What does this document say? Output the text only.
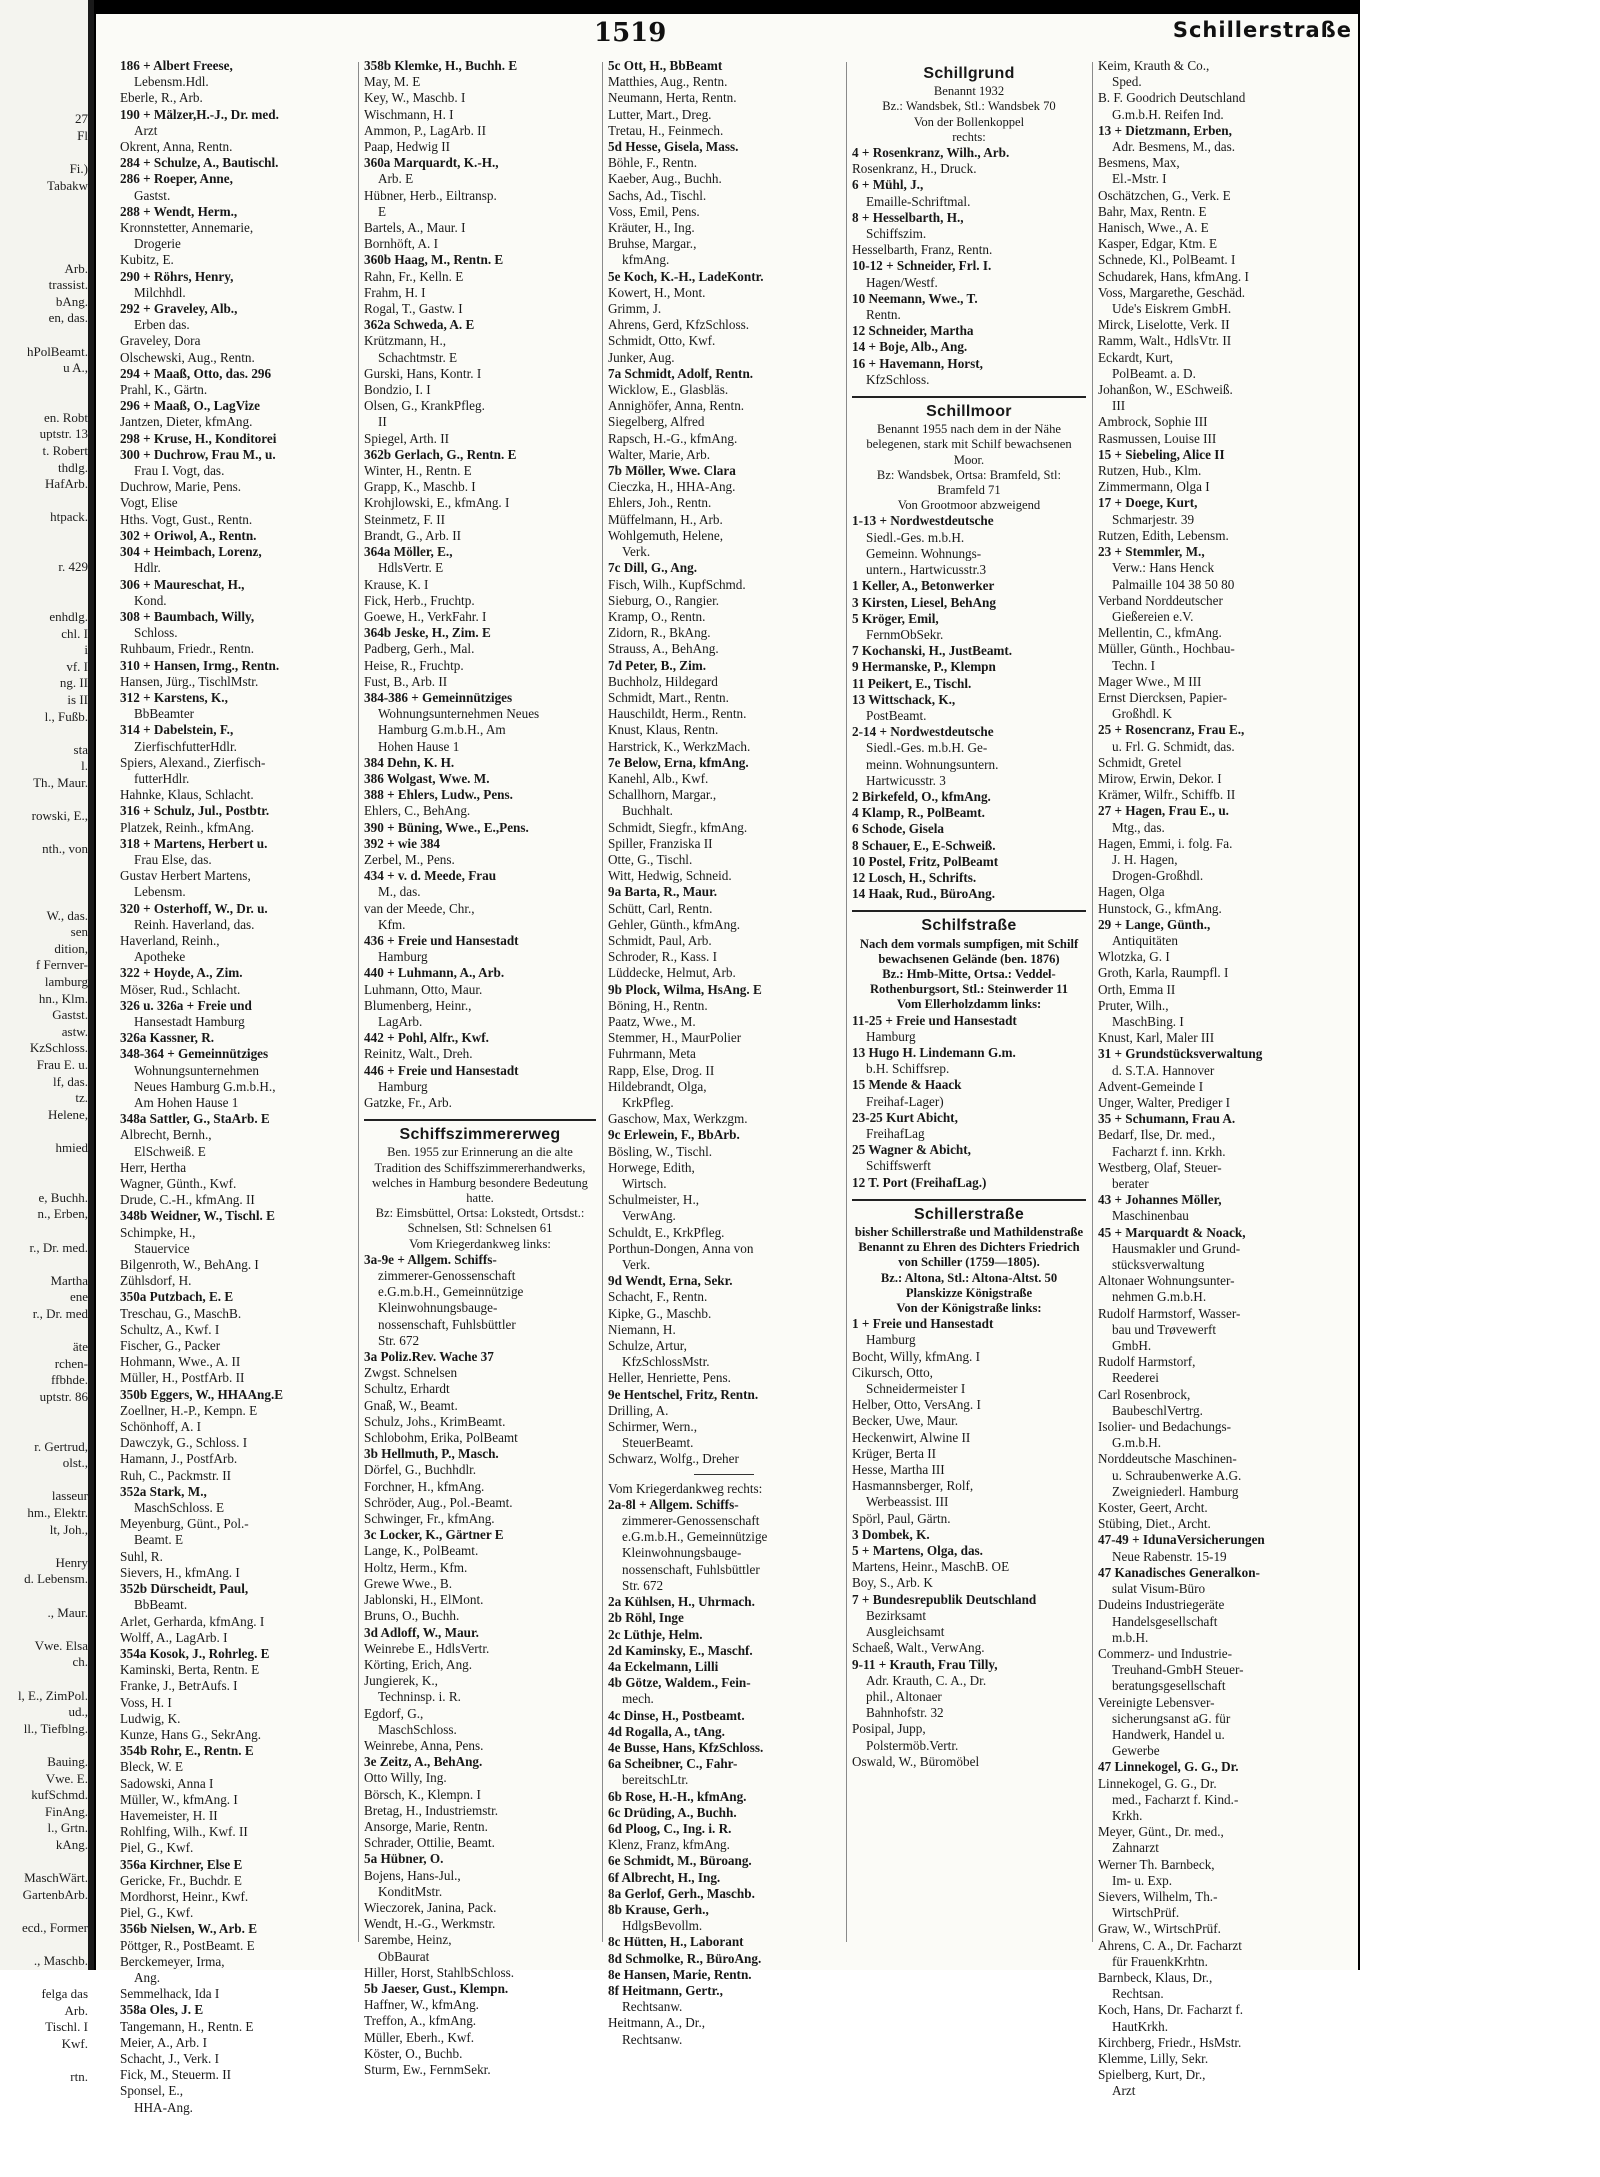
27
Fl
Fi.)
Tabakw
Arb.
trassist.
bAng.
en, das.
hPolBeamt.
u A.,
en. Robt
uptstr. 13
t. Robert
thdlg.
HafArb.
htpack.
r. 429
enhdlg.
chl. I
i
vf. I
ng. II
is II
l., Fußb.
sta
l.
Th., Maur.
rowski, E.,
nth., von
W., das.
sen
dition,
f Fernver-
lamburg
hn., Klm.
Gastst.
astw.
KzSchloss.
Frau E. u.
lf, das.
tz.
Helene,
hmied
e, Buchh.
n., Erben,
r., Dr. med.
Martha
ene
r., Dr. med
äte
rchen-
ffbhde.
uptstr. 86
r. Gertrud,
olst.,
lasseur
hm., Elektr.
lt, Joh.,
Henry
d. Lebensm.
., Maur.
Vwe. Elsa
ch.
l, E., ZimPol.
ud.,
ll., Tiefblng.
Bauing.
Vwe. E.
kufSchmd.
FinAng.
l., Grtn.
kAng.
MaschWärt.
GartenbArb.
ecd., Former
., Maschb.
felga das
Arb.
Tischl. I
Kwf.
rtn.
1519	Schillerstraße
186 + Albert Freese,
Lebensm.Hdl.
Eberle, R., Arb.
190 + Mälzer,H.-J., Dr. med.
Arzt
Okrent, Anna, Rentn.
284 + Schulze, A., Bautischl.
286 + Roeper, Anne,
Gastst.
288 + Wendt, Herm.,
Kronnstetter, Annemarie,
Drogerie
Kubitz, E.
290 + Röhrs, Henry,
Milchhdl.
292 + Graveley, Alb.,
Erben das.
Graveley, Dora
Olschewski, Aug., Rentn.
294 + Maaß, Otto, das. 296
Prahl, K., Gärtn.
296 + Maaß, O., LagVize
Jantzen, Dieter, kfmAng.
298 + Kruse, H., Konditorei
300 + Duchrow, Frau M., u.
Frau I. Vogt, das.
Duchrow, Marie, Pens.
Vogt, Elise
Hths. Vogt, Gust., Rentn.
302 + Oriwol, A., Rentn.
304 + Heimbach, Lorenz,
Hdlr.
306 + Maureschat, H.,
Kond.
308 + Baumbach, Willy,
Schloss.
Ruhbaum, Friedr., Rentn.
310 + Hansen, Irmg., Rentn.
Hansen, Jürg., TischlMstr.
312 + Karstens, K.,
BbBeamter
314 + Dabelstein, F.,
ZierfischfutterHdlr.
Spiers, Alexand., Zierfisch-
futterHdlr.
Hahnke, Klaus, Schlacht.
316 + Schulz, Jul., Postbtr.
Platzek, Reinh., kfmAng.
318 + Martens, Herbert u.
Frau Else, das.
Gustav Herbert Martens,
Lebensm.
320 + Osterhoff, W., Dr. u.
Reinh. Haverland, das.
Haverland, Reinh.,
Apotheke
322 + Hoyde, A., Zim.
Möser, Rud., Schlacht.
326 u. 326a + Freie und
Hansestadt Hamburg
326a Kassner, R.
348-364 + Gemeinnütziges
Wohnungsunternehmen
Neues Hamburg G.m.b.H.,
Am Hohen Hause 1
348a Sattler, G., StaArb. E
Albrecht, Bernh.,
ElSchweiß. E
Herr, Hertha
Wagner, Günth., Kwf.
Drude, C.-H., kfmAng. II
348b Weidner, W., Tischl. E
Schimpke, H.,
Stauervice
Bilgenroth, W., BehAng. I
Zühlsdorf, H.
350a Putzbach, E. E
Treschau, G., MaschB.
Schultz, A., Kwf. I
Fischer, G., Packer
Hohmann, Wwe., A. II
Müller, H., PostfArb. II
350b Eggers, W., HHAAng.E
Zoellner, H.-P., Kempn. E
Schönhoff, A. I
Dawczyk, G., Schloss. I
Hamann, J., PostfArb.
Ruh, C., Packmstr. II
352a Stark, M.,
MaschSchloss. E
Meyenburg, Günt., Pol.-
Beamt. E
Suhl, R.
Sievers, H., kfmAng. I
352b Dürscheidt, Paul,
BbBeamt.
Arlet, Gerharda, kfmAng. I
Wolff, A., LagArb. I
354a Kosok, J., Rohrleg. E
Kaminski, Berta, Rentn. E
Franke, J., BetrAufs. I
Voss, H. I
Ludwig, K.
Kunze, Hans G., SekrAng.
354b Rohr, E., Rentn. E
Bleck, W. E
Sadowski, Anna I
Müller, W., kfmAng. I
Havemeister, H. II
Rohlfing, Wilh., Kwf. II
Piel, G., Kwf.
356a Kirchner, Else E
Gericke, Fr., Buchdr. E
Mordhorst, Heinr., Kwf.
Piel, G., Kwf.
356b Nielsen, W., Arb. E
Pöttger, R., PostBeamt. E
Berckemeyer, Irma,
Ang.
Semmelhack, Ida I
358a Oles, J. E
Tangemann, H., Rentn. E
Meier, A., Arb. I
Schacht, J., Verk. I
Fick, M., Steuerm. II
Sponsel, E.,
HHA-Ang.
358b Klemke, H., Buchh. E
May, M. E
Key, W., Maschb. I
Wischmann, H. I
Ammon, P., LagArb. II
Paap, Hedwig II
360a Marquardt, K.-H.,
Arb. E
Hübner, Herb., Eiltransp.
E
Bartels, A., Maur. I
Bornhöft, A. I
360b Haag, M., Rentn. E
Rahn, Fr., Kelln. E
Frahm, H. I
Rogal, T., Gastw. I
362a Schweda, A. E
Krützmann, H.,
Schachtmstr. E
Gurski, Hans, Kontr. I
Bondzio, I. I
Olsen, G., KrankPfleg.
II
Spiegel, Arth. II
362b Gerlach, G., Rentn. E
Winter, H., Rentn. E
Grapp, K., Maschb. I
Krohjlowski, E., kfmAng. I
Steinmetz, F. II
Brandt, G., Arb. II
364a Möller, E.,
HdlsVertr. E
Krause, K. I
Fick, Herb., Fruchtp.
Goewe, H., VerkFahr. I
364b Jeske, H., Zim. E
Padberg, Gerh., Mal.
Heise, R., Fruchtp.
Fust, B., Arb. II
384-386 + Gemeinnütziges
Wohnungsunternehmen Neues
Hamburg G.m.b.H., Am
Hohen Hause 1
384 Dehn, K. H.
386 Wolgast, Wwe. M.
388 + Ehlers, Ludw., Pens.
Ehlers, C., BehAng.
390 + Büning, Wwe., E.,Pens.
392 + wie 384
Zerbel, M., Pens.
434 + v. d. Meede, Frau
M., das.
van der Meede, Chr.,
Kfm.
436 + Freie und Hansestadt
Hamburg
440 + Luhmann, A., Arb.
Luhmann, Otto, Maur.
Blumenberg, Heinr.,
LagArb.
442 + Pohl, Alfr., Kwf.
Reinitz, Walt., Dreh.
446 + Freie und Hansestadt
Hamburg
Gatzke, Fr., Arb.
Schiffszimmererweg
Ben. 1955 zur Erinnerung an die alte Tradition des Schiffszimmererhandwerks, welches in Hamburg besondere Bedeutung hatte.
Bz: Eimsbüttel, Ortsa: Lokstedt, Ortsdst.: Schnelsen, Stl: Schnelsen 61
Vom Kriegerdankweg links:
3a-9e + Allgem. Schiffs-
zimmerer-Genossenschaft
e.G.m.b.H., Gemeinnützige
Kleinwohnungsbauge-
nossenschaft, Fuhlsbüttler
Str. 672
3a Poliz.Rev. Wache 37
Zwgst. Schnelsen
Schultz, Erhardt
Gnaß, W., Beamt.
Schulz, Johs., KrimBeamt.
Schlobohm, Erika, PolBeamt
3b Hellmuth, P., Masch.
Dörfel, G., Buchhdlr.
Forchner, H., kfmAng.
Schröder, Aug., Pol.-Beamt.
Schwinger, Fr., kfmAng.
3c Locker, K., Gärtner E
Lange, K., PolBeamt.
Holtz, Herm., Kfm.
Grewe Wwe., B.
Jablonski, H., ElMont.
Bruns, O., Buchh.
3d Adloff, W., Maur.
Weinrebe E., HdlsVertr.
Körting, Erich, Ang.
Jungierek, K.,
Techninsp. i. R.
Egdorf, G.,
MaschSchloss.
Weinrebe, Anna, Pens.
3e Zeitz, A., BehAng.
Otto Willy, Ing.
Börsch, K., Klempn. I
Bretag, H., Industriemstr.
Ansorge, Marie, Rentn.
Schrader, Ottilie, Beamt.
5a Hübner, O.
Bojens, Hans-Jul.,
KonditMstr.
Wieczorek, Janina, Pack.
Wendt, H.-G., Werkmstr.
Sarembe, Heinz,
ObBaurat
Hiller, Horst, StahlbSchloss.
5b Jaeser, Gust., Klempn.
Haffner, W., kfmAng.
Treffon, A., kfmAng.
Müller, Eberh., Kwf.
Köster, O., Buchb.
Sturm, Ew., FernmSekr.
5c Ott, H., BbBeamt
Matthies, Aug., Rentn.
Neumann, Herta, Rentn.
Lutter, Mart., Dreg.
Tretau, H., Feinmech.
5d Hesse, Gisela, Mass.
Böhle, F., Rentn.
Kaeber, Aug., Buchh.
Sachs, Ad., Tischl.
Voss, Emil, Pens.
Kräuter, H., Ing.
Bruhse, Margar.,
kfmAng.
5e Koch, K.-H., LadeKontr.
Kowert, H., Mont.
Grimm, J.
Ahrens, Gerd, KfzSchloss.
Schmidt, Otto, Kwf.
Junker, Aug.
7a Schmidt, Adolf, Rentn.
Wicklow, E., Glasbläs.
Annighöfer, Anna, Rentn.
Siegelberg, Alfred
Rapsch, H.-G., kfmAng.
Walter, Marie, Arb.
7b Möller, Wwe. Clara
Cieczka, H., HHA-Ang.
Ehlers, Joh., Rentn.
Müffelmann, H., Arb.
Wohlgemuth, Helene,
Verk.
7c Dill, G., Ang.
Fisch, Wilh., KupfSchmd.
Sieburg, O., Rangier.
Kramp, O., Rentn.
Zidorn, R., BkAng.
Strauss, A., BehAng.
7d Peter, B., Zim.
Buchholz, Hildegard
Schmidt, Mart., Rentn.
Hauschildt, Herm., Rentn.
Knust, Klaus, Rentn.
Harstrick, K., WerkzMach.
7e Below, Erna, kfmAng.
Kanehl, Alb., Kwf.
Schallhorn, Margar.,
Buchhalt.
Schmidt, Siegfr., kfmAng.
Spiller, Franziska II
Otte, G., Tischl.
Witt, Hedwig, Schneid.
9a Barta, R., Maur.
Schütt, Carl, Rentn.
Gehler, Günth., kfmAng.
Schmidt, Paul, Arb.
Schroder, R., Kass. I
Lüddecke, Helmut, Arb.
9b Plock, Wilma, HsAng. E
Böning, H., Rentn.
Paatz, Wwe., M.
Stemmer, H., MaurPolier
Fuhrmann, Meta
Rapp, Else, Drog. II
Hildebrandt, Olga,
KrkPfleg.
Gaschow, Max, Werkzgm.
9c Erlewein, F., BbArb.
Bösling, W., Tischl.
Horwege, Edith,
Wirtsch.
Schulmeister, H.,
VerwAng.
Schuldt, E., KrkPfleg.
Porthun-Dongen, Anna von
Verk.
9d Wendt, Erna, Sekr.
Schacht, F., Rentn.
Kipke, G., Maschb.
Niemann, H.
Schulze, Artur,
KfzSchlossMstr.
Heller, Henriette, Pens.
9e Hentschel, Fritz, Rentn.
Drilling, A.
Schirmer, Wern.,
SteuerBeamt.
Schwarz, Wolfg., Dreher
Vom Kriegerdankweg rechts:
2a-8l + Allgem. Schiffs-
zimmerer-Genossenschaft
e.G.m.b.H., Gemeinnützige
Kleinwohnungsbauge-
nossenschaft, Fuhlsbüttler
Str. 672
2a Kühlsen, H., Uhrmach.
2b Röhl, Inge
2c Lüthje, Helm.
2d Kaminsky, E., Maschf.
4a Eckelmann, Lilli
4b Götze, Waldem., Fein-
mech.
4c Dinse, H., Postbeamt.
4d Rogalla, A., tAng.
4e Busse, Hans, KfzSchloss.
6a Scheibner, C., Fahr-
bereitschLtr.
6b Rose, H.-H., kfmAng.
6c Drüding, A., Buchh.
6d Ploog, C., Ing. i. R.
Klenz, Franz, kfmAng.
6e Schmidt, M., Büroang.
6f Albrecht, H., Ing.
8a Gerlof, Gerh., Maschb.
8b Krause, Gerh.,
HdlgsBevollm.
8c Hütten, H., Laborant
8d Schmolke, R., BüroAng.
8e Hansen, Marie, Rentn.
8f Heitmann, Gertr.,
Rechtsanw.
Heitmann, A., Dr.,
Rechtsanw.
Schillgrund
Benannt 1932
Bz.: Wandsbek, Stl.: Wandsbek 70
Von der Bollenkoppel
rechts:
4 + Rosenkranz, Wilh., Arb.
Rosenkranz, H., Druck.
6 + Mühl, J.,
Emaille-Schriftmal.
8 + Hesselbarth, H.,
Schiffszim.
Hesselbarth, Franz, Rentn.
10-12 + Schneider, Frl. I.
Hagen/Westf.
10 Neemann, Wwe., T.
Rentn.
12 Schneider, Martha
14 + Boje, Alb., Ang.
16 + Havemann, Horst,
KfzSchloss.
Schillmoor
Benannt 1955 nach dem in der Nähe belegenen, stark mit Schilf bewachsenen Moor.
Bz: Wandsbek, Ortsa: Bramfeld, Stl: Bramfeld 71
Von Grootmoor abzweigend
1-13 + Nordwestdeutsche
Siedl.-Ges. m.b.H.
Gemeinn. Wohnungs-
untern., Hartwicusstr.3
1 Keller, A., Betonwerker
3 Kirsten, Liesel, BehAng
5 Kröger, Emil,
FernmObSekr.
7 Kochanski, H., JustBeamt.
9 Hermanske, P., Klempn
11 Peikert, E., Tischl.
13 Wittschack, K.,
PostBeamt.
2-14 + Nordwestdeutsche
Siedl.-Ges. m.b.H. Ge-
meinn. Wohnungsuntern.
Hartwicusstr. 3
2 Birkefeld, O., kfmAng.
4 Klamp, R., PolBeamt.
6 Schode, Gisela
8 Schauer, E., E-Schweiß.
10 Postel, Fritz, PolBeamt
12 Losch, H., Schrifts.
14 Haak, Rud., BüroAng.
Schilfstraße
Nach dem vormals sumpfigen, mit Schilf bewachsenen Gelände (ben. 1876)
Bz.: Hmb-Mitte, Ortsa.: Veddel-Rothenburgsort, Stl.: Steinwerder 11
Vom Ellerholzdamm links:
11-25 + Freie und Hansestadt
Hamburg
13 Hugo H. Lindemann G.m.
b.H. Schiffsrep.
15 Mende & Haack
Freihaf-Lager)
23-25 Kurt Abicht,
FreihafLag
25 Wagner & Abicht,
Schiffswerft
12 T. Port (FreihafLag.)
Schillerstraße
bisher Schillerstraße und Mathildenstraße
Benannt zu Ehren des Dichters Friedrich von Schiller (1759—1805).
Bz.: Altona, Stl.: Altona-Altst. 50
Planskizze Königstraße
Von der Königstraße links:
1 + Freie und Hansestadt
Hamburg
Bocht, Willy, kfmAng. I
Cikursch, Otto,
Schneidermeister I
Helber, Otto, VersAng. I
Becker, Uwe, Maur.
Heckenwirt, Alwine II
Krüger, Berta II
Hesse, Martha III
Hasmannsberger, Rolf,
Werbeassist. III
Spörl, Paul, Gärtn.
3 Dombek, K.
5 + Martens, Olga, das.
Martens, Heinr., MaschB. OE
Boy, S., Arb. K
7 + Bundesrepublik Deutschland
Bezirksamt
Ausgleichsamt
Schaeß, Walt., VerwAng.
9-11 + Krauth, Frau Tilly,
Adr. Krauth, C. A., Dr.
phil., Altonaer
Bahnhofstr. 32
Posipal, Jupp,
Polstermöb.Vertr.
Oswald, W., Büromöbel
Keim, Krauth & Co.,
Sped.
B. F. Goodrich Deutschland
G.m.b.H. Reifen Ind.
13 + Dietzmann, Erben,
Adr. Besmens, M., das.
Besmens, Max,
El.-Mstr. I
Oschätzchen, G., Verk. E
Bahr, Max, Rentn. E
Hanisch, Wwe., A. E
Kasper, Edgar, Ktm. E
Schnede, Kl., PolBeamt. I
Schudarek, Hans, kfmAng. I
Voss, Margarethe, Geschäd.
Ude's Eiskrem GmbH.
Mirck, Liselotte, Verk. II
Ramm, Walt., HdlsVtr. II
Eckardt, Kurt,
PolBeamt. a. D.
Johanßon, W., ESchweiß.
III
Ambrock, Sophie III
Rasmussen, Louise III
15 + Siebeling, Alice II
Rutzen, Hub., Klm.
Zimmermann, Olga I
17 + Doege, Kurt,
Schmarjestr. 39
Rutzen, Edith, Lebensm.
23 + Stemmler, M.,
Verw.: Hans Henck
Palmaille 104 38 50 80
Verband Norddeutscher
Gießereien e.V.
Mellentin, C., kfmAng.
Müller, Günth., Hochbau-
Techn. I
Mager Wwe., M III
Ernst Diercksen, Papier-
Großhdl. K
25 + Rosencranz, Frau E.,
u. Frl. G. Schmidt, das.
Schmidt, Gretel
Mirow, Erwin, Dekor. I
Krämer, Wilfr., Schiffb. II
27 + Hagen, Frau E., u.
Mtg., das.
Hagen, Emmi, i. folg. Fa.
J. H. Hagen,
Drogen-Großhdl.
Hagen, Olga
Hunstock, G., kfmAng.
29 + Lange, Günth.,
Antiquitäten
Wlotzka, G. I
Groth, Karla, Raumpfl. I
Orth, Emma II
Pruter, Wilh.,
MaschBing. I
Knust, Karl, Maler III
31 + Grundstücksverwaltung
d. S.T.A. Hannover
Advent-Gemeinde I
Unger, Walter, Prediger I
35 + Schumann, Frau A.
Bedarf, Ilse, Dr. med.,
Facharzt f. inn. Krkh.
Westberg, Olaf, Steuer-
berater
43 + Johannes Möller,
Maschinenbau
45 + Marquardt & Noack,
Hausmakler und Grund-
stücksverwaltung
Altonaer Wohnungsunter-
nehmen G.m.b.H.
Rudolf Harmstorf, Wasser-
bau und Trøvewerft
GmbH.
Rudolf Harmstorf,
Reederei
Carl Rosenbrock,
BaubeschlVertrg.
Isolier- und Bedachungs-
G.m.b.H.
Norddeutsche Maschinen-
u. Schraubenwerke A.G.
Zweigniederl. Hamburg
Koster, Geert, Archt.
Stübing, Diet., Archt.
47-49 + IdunaVersicherungen
Neue Rabenstr. 15-19
47 Kanadisches Generalkon-
sulat Visum-Büro
Dudeins Industriegeräte
Handelsgesellschaft
m.b.H.
Commerz- und Industrie-
Treuhand-GmbH Steuer-
beratungsgesellschaft
Vereinigte Lebensver-
sicherungsanst aG. für
Handwerk, Handel u.
Gewerbe
47 Linnekogel, G. G., Dr.
Linnekogel, G. G., Dr.
med., Facharzt f. Kind.-
Krkh.
Meyer, Günt., Dr. med.,
Zahnarzt
Werner Th. Barnbeck,
Im- u. Exp.
Sievers, Wilhelm, Th.-
WirtschPrüf.
Graw, W., WirtschPrüf.
Ahrens, C. A., Dr. Facharzt
für FrauenkKrhtn.
Barnbeck, Klaus, Dr.,
Rechtsan.
Koch, Hans, Dr. Facharzt f.
HautKrkh.
Kirchberg, Friedr., HsMstr.
Klemme, Lilly, Sekr.
Spielberg, Kurt, Dr.,
Arzt
